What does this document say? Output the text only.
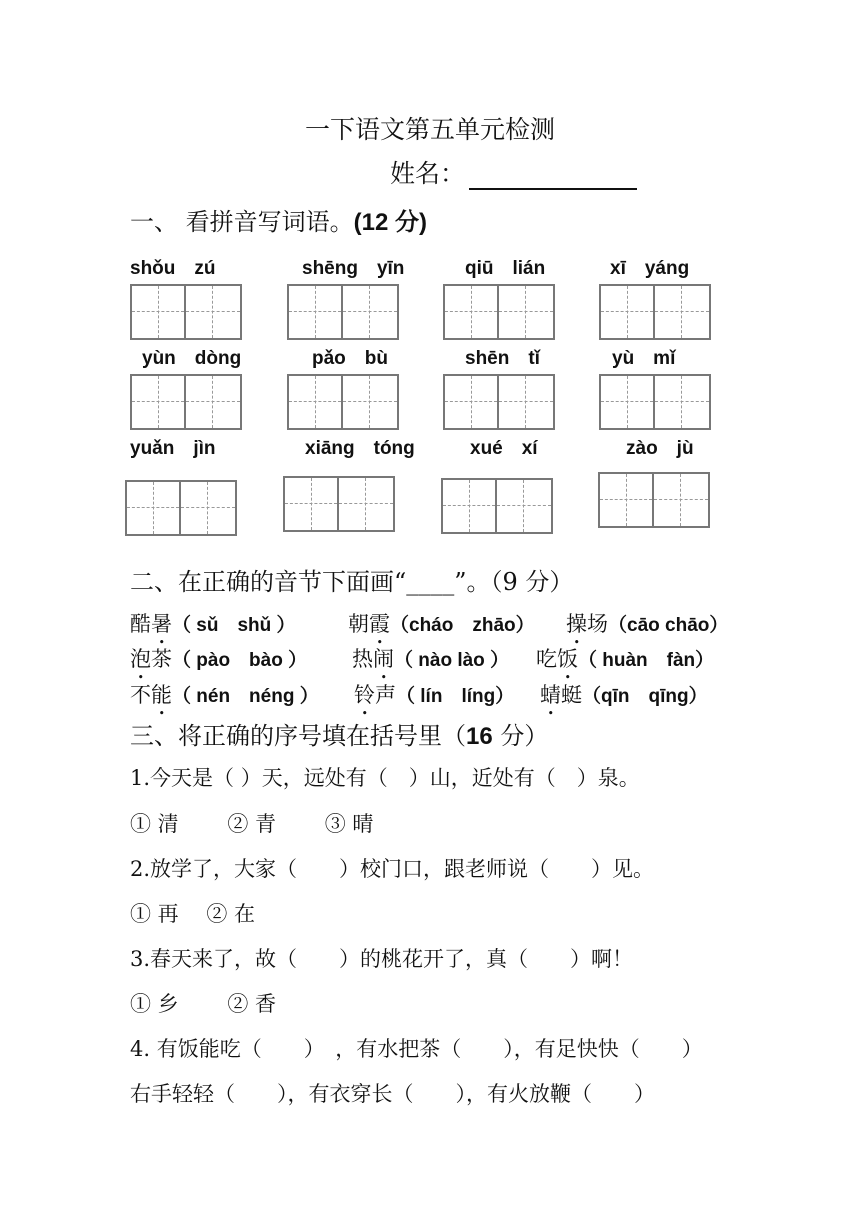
一下语文第五单元检测
姓名：
一、 看拼音写词语。(12 分)
shǒu　zú	shēng　yīn	qiū　lián	xī　yáng
yùn　dòng	pǎo　bù	shēn　tǐ	yù　mǐ
yuǎn　jìn	xiāng　tóng	xué　xí	zào　jù
二、在正确的音节下面画“____”。（9 分）
酷暑（ sǔ　shǔ ） 朝霞（cháo　zhāo） 操场（cāo chāo）
泡茶（ pào　bào ） 热闹（ nào lào ） 吃饭（ huàn　fàn）
不能（ nén　néng ） 铃声（ lín　líng） 蜻蜓（qīn　qīng）
三、将正确的序号填在括号里（16 分）
1.今天是（ ）天，远处有（　）山，近处有（　）泉。
① 清　　 ② 青　　 ③ 晴
2.放学了，大家（　　）校门口，跟老师说（　　）见。
① 再　 ② 在
3.春天来了，故（　　）的桃花开了，真（　　）啊！
① 乡　　 ② 香
4. 有饭能吃（　　）　，有水把茶（　　），有足快快（　　）
右手轻轻（　　），有衣穿长（　　），有火放鞭（　　）
